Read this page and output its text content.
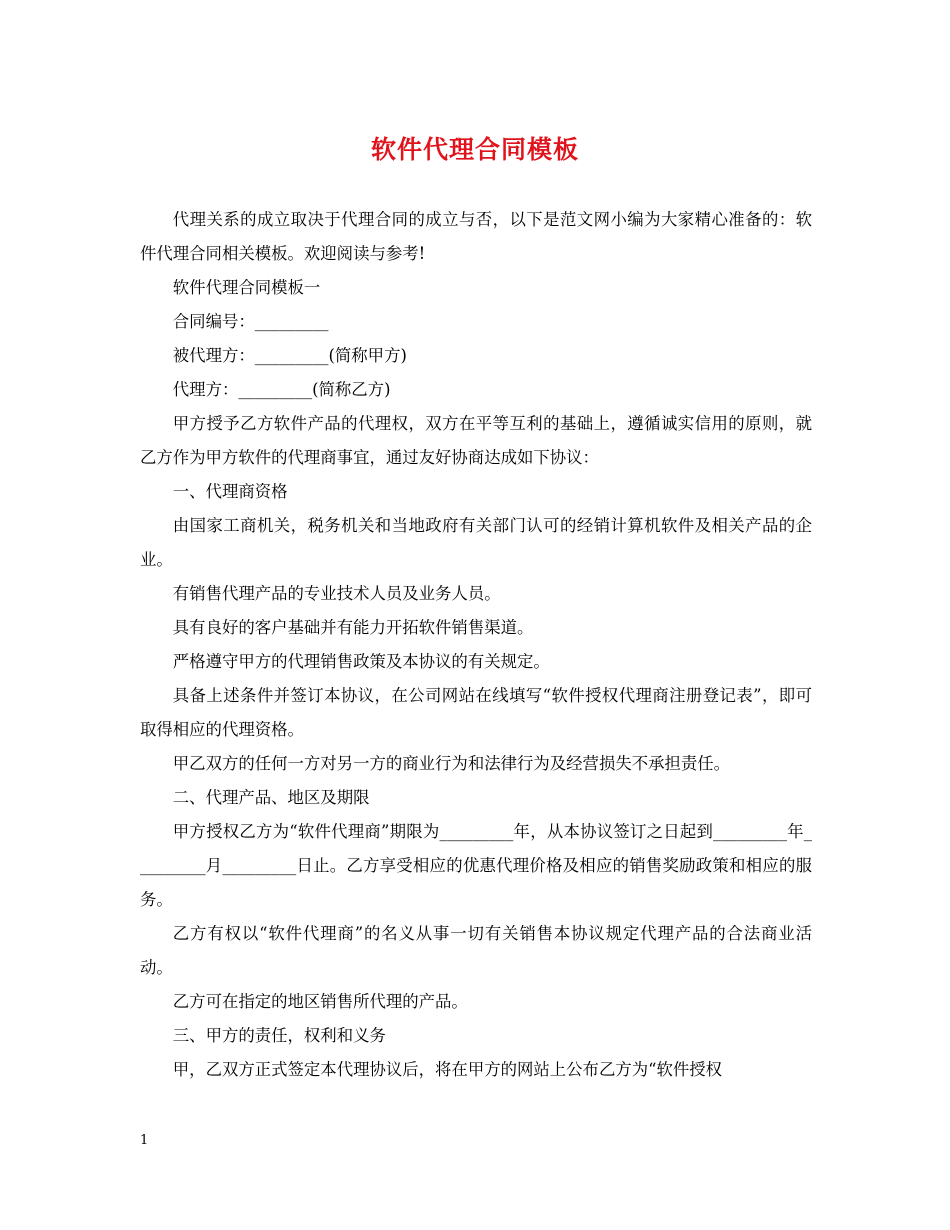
软件代理合同模板

代理关系的成立取决于代理合同的成立与否，以下是范文网小编为大家精心准备的：软件代理合同相关模板。欢迎阅读与参考!

软件代理合同模板一

合同编号：_________

被代理方：_________(简称甲方)

代理方：_________(简称乙方)

甲方授予乙方软件产品的代理权，双方在平等互利的基础上，遵循诚实信用的原则，就乙方作为甲方软件的代理商事宜，通过友好协商达成如下协议：

一、代理商资格

由国家工商机关，税务机关和当地政府有关部门认可的经销计算机软件及相关产品的企业。

有销售代理产品的专业技术人员及业务人员。

具有良好的客户基础并有能力开拓软件销售渠道。

严格遵守甲方的代理销售政策及本协议的有关规定。

具备上述条件并签订本协议，在公司网站在线填写“软件授权代理商注册登记表”，即可取得相应的代理资格。

甲乙双方的任何一方对另一方的商业行为和法律行为及经营损失不承担责任。

二、代理产品、地区及期限

甲方授权乙方为“软件代理商”期限为_________年，从本协议签订之日起到_________年_________月_________日止。乙方享受相应的优惠代理价格及相应的销售奖励政策和相应的服务。

乙方有权以“软件代理商”的名义从事一切有关销售本协议规定代理产品的合法商业活动。

乙方可在指定的地区销售所代理的产品。

三、甲方的责任，权利和义务

甲，乙双方正式签定本代理协议后，将在甲方的网站上公布乙方为“软件授权

1
